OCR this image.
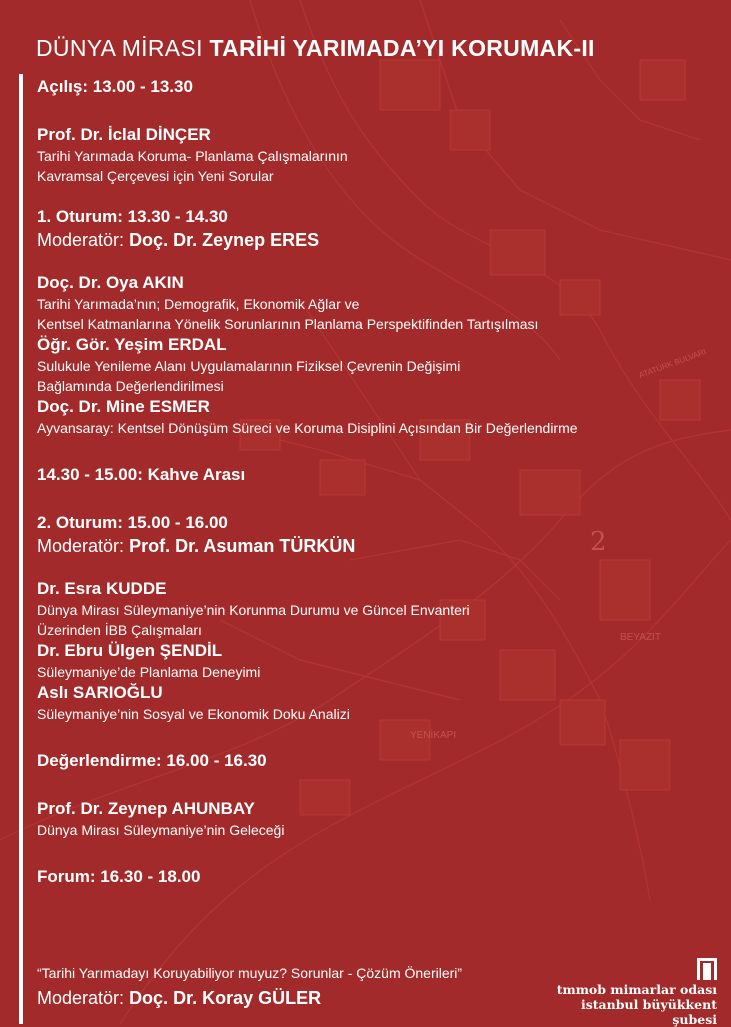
BEYAZIT
YENİKAPI
ATATÜRK BULVARI
2
DÜNYA MİRASI TARİHİ YARIMADA’YI KORUMAK-II
Açılış: 13.00 - 13.30
Prof. Dr. İclal DİNÇER
Tarihi Yarımada Koruma- Planlama Çalışmalarının
Kavramsal Çerçevesi için Yeni Sorular
1. Oturum: 13.30 - 14.30
Moderatör: Doç. Dr. Zeynep ERES
Doç. Dr. Oya AKIN
Tarihi Yarımada’nın; Demografik, Ekonomik Ağlar ve
Kentsel Katmanlarına Yönelik Sorunlarının Planlama Perspektifinden Tartışılması
Öğr. Gör. Yeşim ERDAL
Sulukule Yenileme Alanı Uygulamalarının Fiziksel Çevrenin Değişimi
Bağlamında Değerlendirilmesi
Doç. Dr. Mine ESMER
Ayvansaray: Kentsel Dönüşüm Süreci ve Koruma Disiplini Açısından Bir Değerlendirme
14.30 - 15.00: Kahve Arası
2. Oturum: 15.00 - 16.00
Moderatör: Prof. Dr. Asuman TÜRKÜN
Dr. Esra KUDDE
Dünya Mirası Süleymaniye’nin Korunma Durumu ve Güncel Envanteri
Üzerinden İBB Çalışmaları
Dr. Ebru Ülgen ŞENDİL
Süleymaniye’de Planlama Deneyimi
Aslı SARIOĞLU
Süleymaniye’nin Sosyal ve Ekonomik Doku Analizi
Değerlendirme: 16.00 - 16.30
Prof. Dr. Zeynep AHUNBAY
Dünya Mirası Süleymaniye’nin Geleceği
Forum: 16.30 - 18.00
“Tarihi Yarımadayı Koruyabiliyor muyuz? Sorunlar - Çözüm Önerileri”
Moderatör: Doç. Dr. Koray GÜLER	tmmob mimarlar odası
istanbul büyükkent şubesi
